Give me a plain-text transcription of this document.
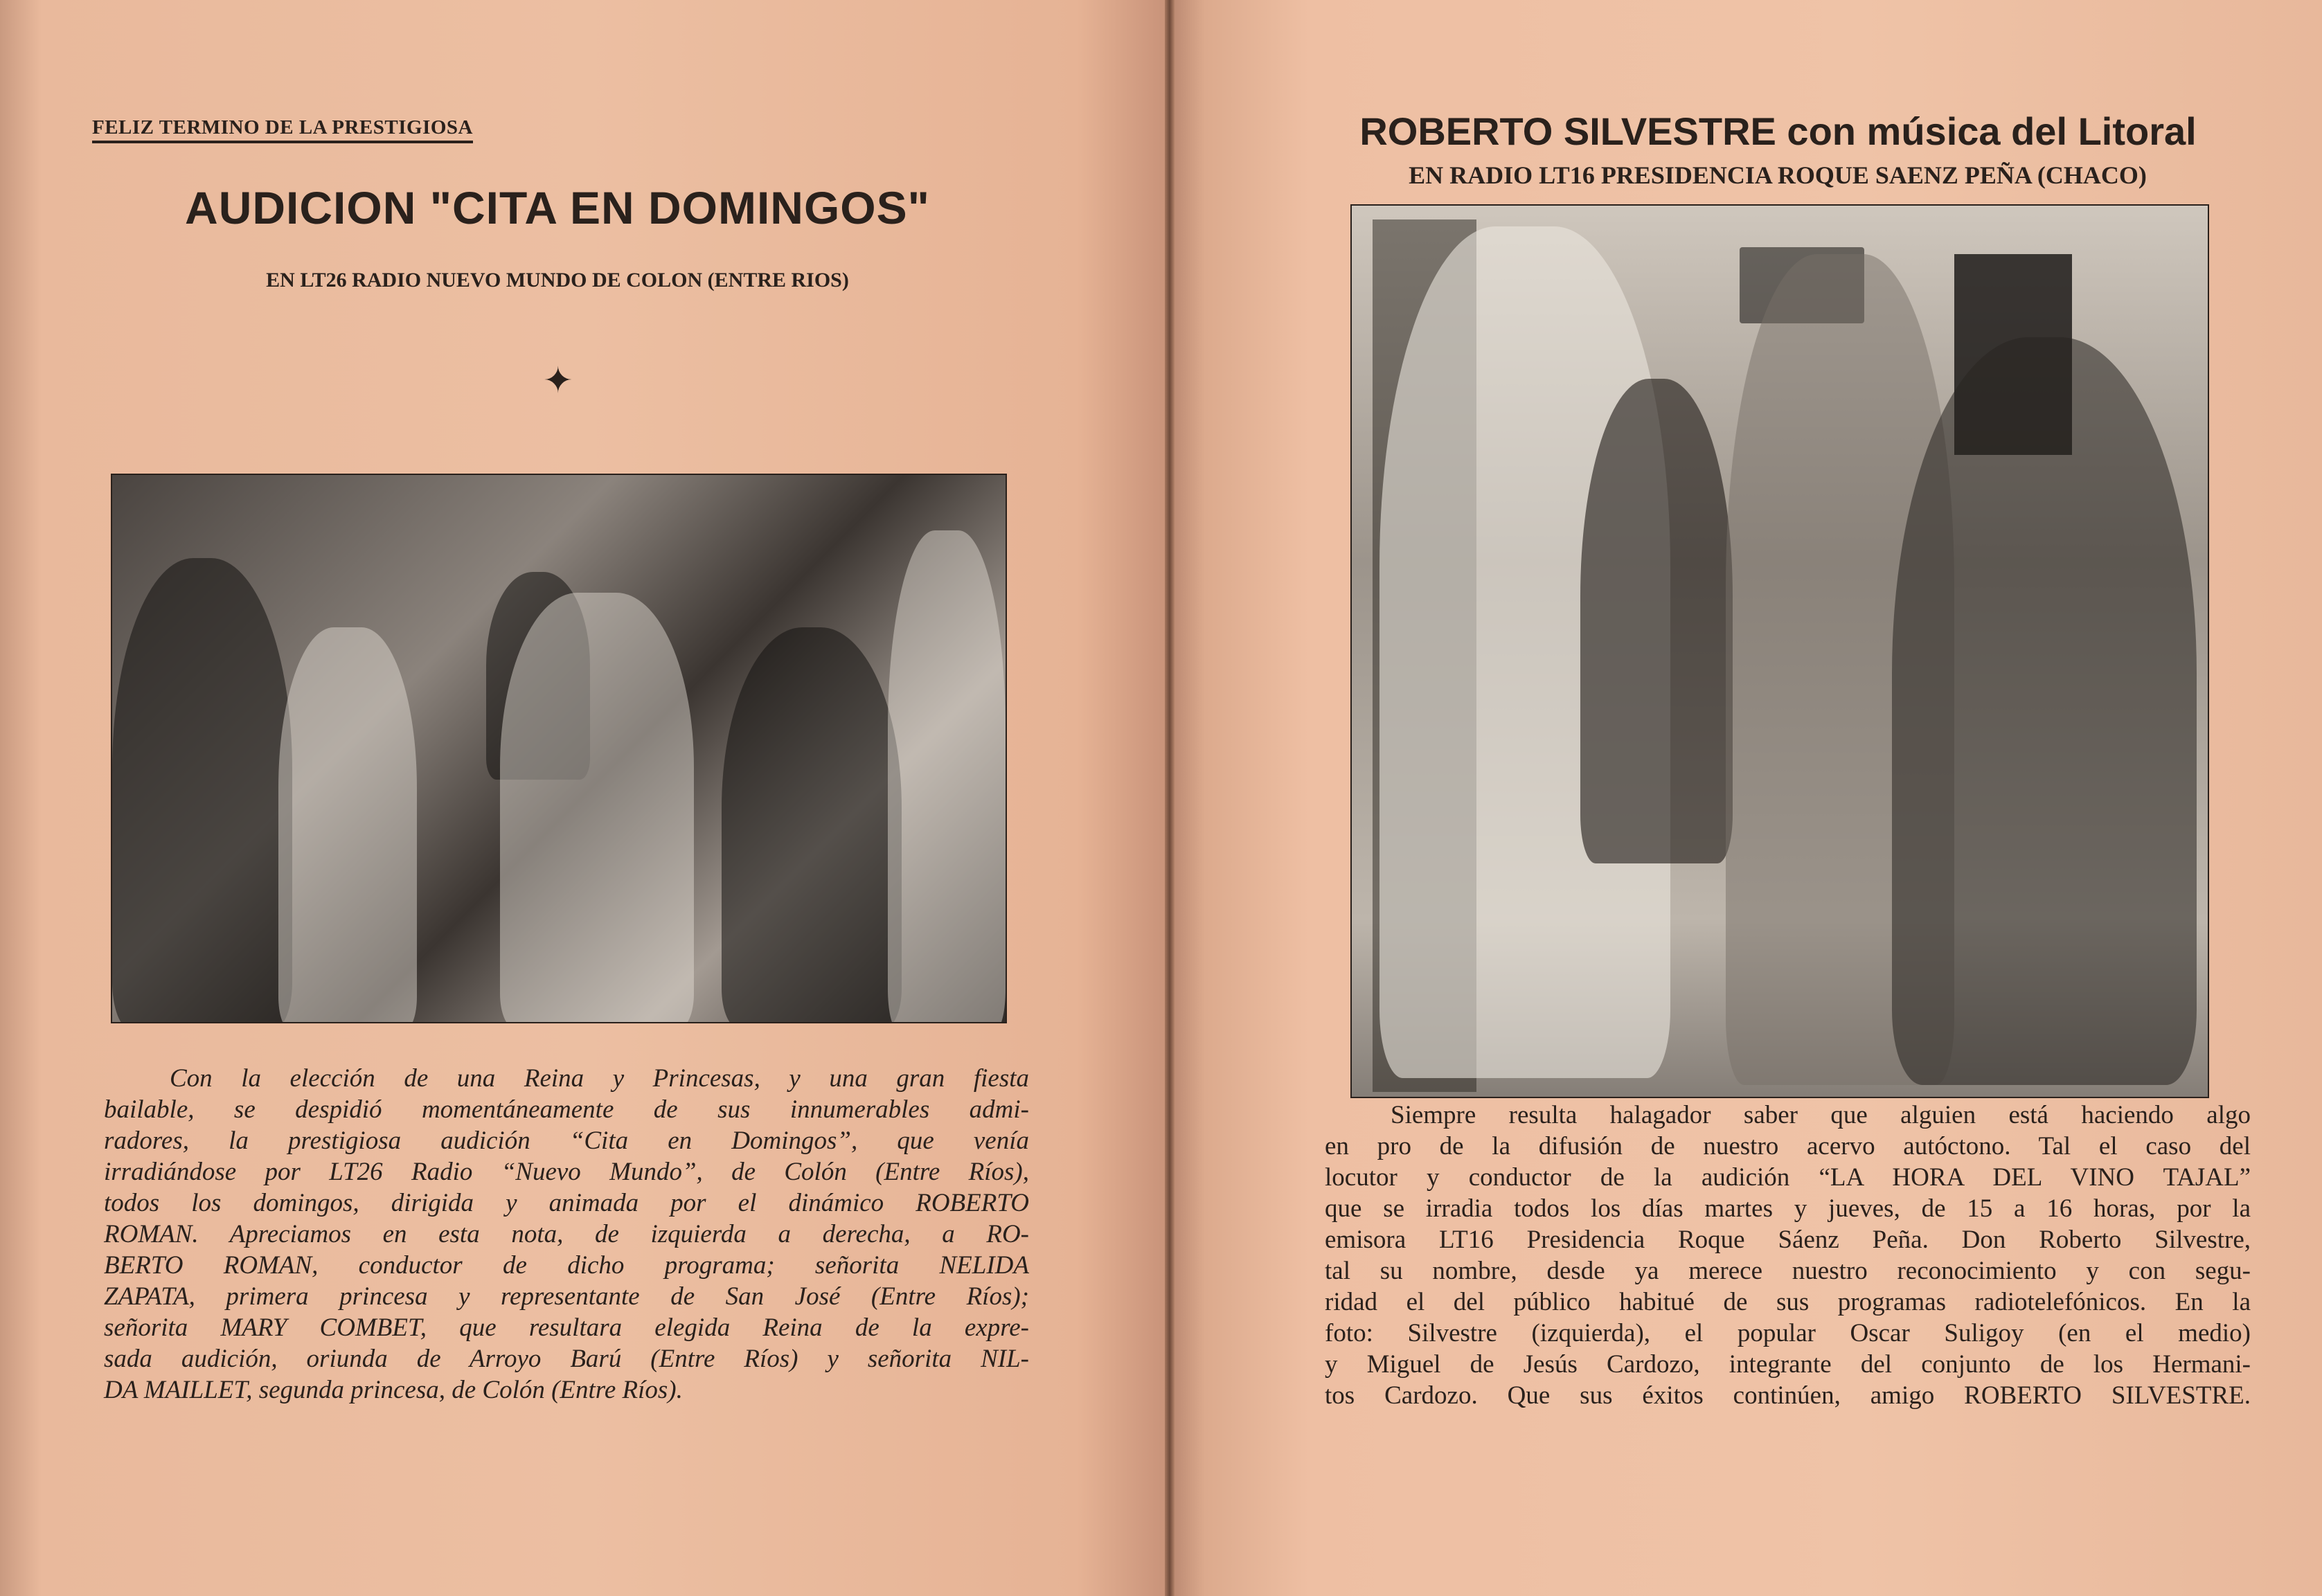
FELIZ TERMINO DE LA PRESTIGIOSA
AUDICION "CITA EN DOMINGOS"
EN LT26 RADIO NUEVO MUNDO DE COLON (ENTRE RIOS)
✦
Con la elección de una Reina y Princesas, y una gran fiesta
bailable, se despidió momentáneamente de sus innumerables admi-
radores, la prestigiosa audición “Cita en Domingos”, que venía
irradiándose por LT26 Radio “Nuevo Mundo”, de Colón (Entre Ríos),
todos los domingos, dirigida y animada por el dinámico ROBERTO
ROMAN. Apreciamos en esta nota, de izquierda a derecha, a RO-
BERTO ROMAN, conductor de dicho programa; señorita NELIDA
ZAPATA, primera princesa y representante de San José (Entre Ríos);
señorita MARY COMBET, que resultara elegida Reina de la expre-
sada audición, oriunda de Arroyo Barú (Entre Ríos) y señorita NIL-
DA MAILLET, segunda princesa, de Colón (Entre Ríos).
ROBERTO SILVESTRE con música del Litoral
EN RADIO LT16 PRESIDENCIA ROQUE SAENZ PEÑA (CHACO)
Siempre resulta halagador saber que alguien está haciendo algo
en pro de la difusión de nuestro acervo autóctono. Tal el caso del
locutor y conductor de la audición “LA HORA DEL VINO TAJAL”
que se irradia todos los días martes y jueves, de 15 a 16 horas, por la
emisora LT16 Presidencia Roque Sáenz Peña. Don Roberto Silvestre,
tal su nombre, desde ya merece nuestro reconocimiento y con segu-
ridad el del público habitué de sus programas radiotelefónicos. En la
foto: Silvestre (izquierda), el popular Oscar Suligoy (en el medio)
y Miguel de Jesús Cardozo, integrante del conjunto de los Hermani-
tos Cardozo. Que sus éxitos continúen, amigo ROBERTO SILVESTRE.
